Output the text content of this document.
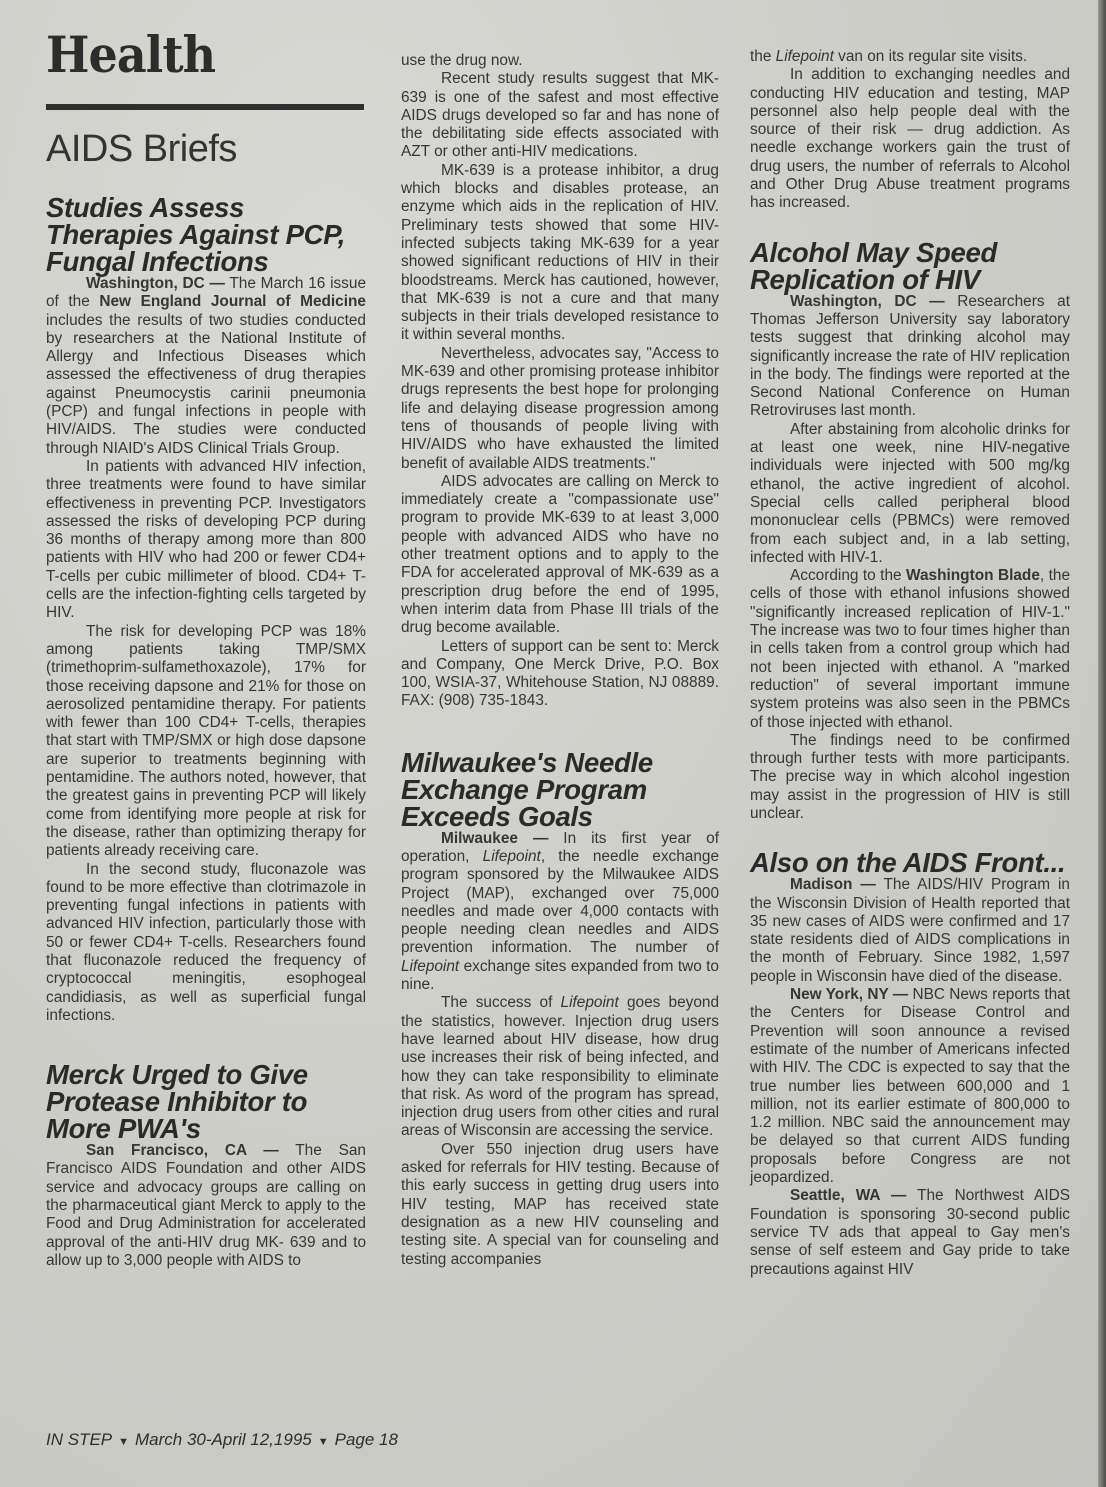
Health
AIDS Briefs
Studies Assess Therapies Against PCP, Fungal Infections

Washington, DC — The March 16 issue of the New England Journal of Medicine includes the results of two studies conducted by researchers at the National Institute of Allergy and Infectious Diseases which assessed the effectiveness of drug therapies against Pneumocystis carinii pneumonia (PCP) and fungal infections in people with HIV/AIDS. The studies were conducted through NIAID's AIDS Clinical Trials Group.

In patients with advanced HIV infection, three treatments were found to have similar effectiveness in preventing PCP. Investigators assessed the risks of developing PCP during 36 months of therapy among more than 800 patients with HIV who had 200 or fewer CD4+ T-cells per cubic millimeter of blood. CD4+ T- cells are the infection-fighting cells targeted by HIV.

The risk for developing PCP was 18% among patients taking TMP/SMX (trimethoprim-sulfamethoxazole), 17% for those receiving dapsone and 21% for those on aerosolized pentamidine therapy. For patients with fewer than 100 CD4+ T-cells, therapies that start with TMP/SMX or high dose dapsone are superior to treatments beginning with pentamidine. The authors noted, however, that the greatest gains in preventing PCP will likely come from identifying more people at risk for the disease, rather than optimizing therapy for patients already receiving care.

In the second study, fluconazole was found to be more effective than clotrimazole in preventing fungal infections in patients with advanced HIV infection, particularly those with 50 or fewer CD4+ T-cells. Researchers found that fluconazole reduced the frequency of cryptococcal meningitis, esophogeal candidiasis, as well as superficial fungal infections.

Merck Urged to Give Protease Inhibitor to More PWA's

San Francisco, CA — The San Francisco AIDS Foundation and other AIDS service and advocacy groups are calling on the pharmaceutical giant Merck to apply to the Food and Drug Administration for accelerated approval of the anti-HIV drug MK- 639 and to allow up to 3,000 people with AIDS to

use the drug now.

Recent study results suggest that MK-639 is one of the safest and most effective AIDS drugs developed so far and has none of the debilitating side effects associated with AZT or other anti-HIV medications.

MK-639 is a protease inhibitor, a drug which blocks and disables protease, an enzyme which aids in the replication of HIV. Preliminary tests showed that some HIV-infected subjects taking MK-639 for a year showed significant reductions of HIV in their bloodstreams. Merck has cautioned, however, that MK-639 is not a cure and that many subjects in their trials developed resistance to it within several months.

Nevertheless, advocates say, "Access to MK-639 and other promising protease inhibitor drugs represents the best hope for prolonging life and delaying disease progression among tens of thousands of people living with HIV/AIDS who have exhausted the limited benefit of available AIDS treatments."

AIDS advocates are calling on Merck to immediately create a "compassionate use" program to provide MK-639 to at least 3,000 people with advanced AIDS who have no other treatment options and to apply to the FDA for accelerated approval of MK-639 as a prescription drug before the end of 1995, when interim data from Phase III trials of the drug become available.

Letters of support can be sent to: Merck and Company, One Merck Drive, P.O. Box 100, WSIA-37, Whitehouse Station, NJ 08889. FAX: (908) 735-1843.

Milwaukee's Needle Exchange Program Exceeds Goals

Milwaukee — In its first year of operation, Lifepoint, the needle exchange program sponsored by the Milwaukee AIDS Project (MAP), exchanged over 75,000 needles and made over 4,000 contacts with people needing clean needles and AIDS prevention information. The number of Lifepoint exchange sites expanded from two to nine.

The success of Lifepoint goes beyond the statistics, however. Injection drug users have learned about HIV disease, how drug use increases their risk of being infected, and how they can take responsibility to eliminate that risk. As word of the program has spread, injection drug users from other cities and rural areas of Wisconsin are accessing the service.

Over 550 injection drug users have asked for referrals for HIV testing. Because of this early success in getting drug users into HIV testing, MAP has received state designation as a new HIV counseling and testing site. A special van for counseling and testing accompanies

the Lifepoint van on its regular site visits.

In addition to exchanging needles and conducting HIV education and testing, MAP personnel also help people deal with the source of their risk — drug addiction. As needle exchange workers gain the trust of drug users, the number of referrals to Alcohol and Other Drug Abuse treatment programs has increased.

Alcohol May Speed Replication of HIV

Washington, DC — Researchers at Thomas Jefferson University say laboratory tests suggest that drinking alcohol may significantly increase the rate of HIV replication in the body. The findings were reported at the Second National Conference on Human Retroviruses last month.

After abstaining from alcoholic drinks for at least one week, nine HIV-negative individuals were injected with 500 mg/kg ethanol, the active ingredient of alcohol. Special cells called peripheral blood mononuclear cells (PBMCs) were removed from each subject and, in a lab setting, infected with HIV-1.

According to the Washington Blade, the cells of those with ethanol infusions showed "significantly increased replication of HIV-1." The increase was two to four times higher than in cells taken from a control group which had not been injected with ethanol. A "marked reduction" of several important immune system proteins was also seen in the PBMCs of those injected with ethanol.

The findings need to be confirmed through further tests with more participants. The precise way in which alcohol ingestion may assist in the progression of HIV is still unclear.

Also on the AIDS Front...

Madison — The AIDS/HIV Program in the Wisconsin Division of Health reported that 35 new cases of AIDS were confirmed and 17 state residents died of AIDS complications in the month of February. Since 1982, 1,597 people in Wisconsin have died of the disease.

New York, NY — NBC News reports that the Centers for Disease Control and Prevention will soon announce a revised estimate of the number of Americans infected with HIV. The CDC is expected to say that the true number lies between 600,000 and 1 million, not its earlier estimate of 800,000 to 1.2 million. NBC said the announcement may be delayed so that current AIDS funding proposals before Congress are not jeopardized.

Seattle, WA — The Northwest AIDS Foundation is sponsoring 30-second public service TV ads that appeal to Gay men's sense of self esteem and Gay pride to take precautions against HIV

IN STEP ▼ March 30-April 12,1995 ▼ Page 18
